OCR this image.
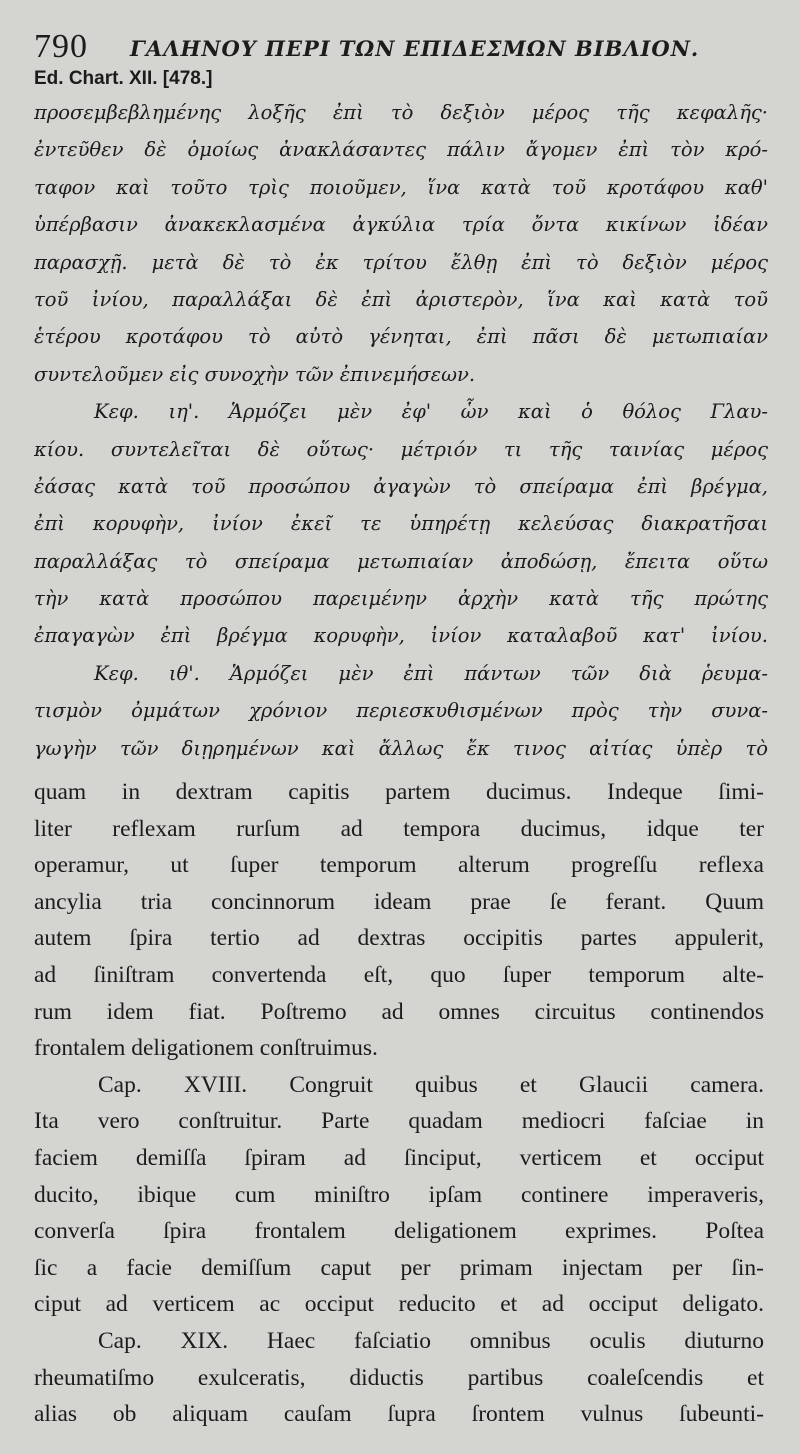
790 ΓΑΛΗΝΟΥ ΠΕΡΙ ΤΩΝ ΕΠΙΔΕΣΜΩΝ ΒΙΒΛΙΟΝ.
Ed. Chart. XII. [478.]
προσεμβεβλημένης λοξῆς ἐπὶ τὸ δεξιὸν μέρος τῆς κεφαλῆς·
ἐντεῦθεν δὲ ὁμοίως ἀνακλάσαντες πάλιν ἄγομεν ἐπὶ τὸν κρό-
ταφον καὶ τοῦτο τρὶς ποιοῦμεν, ἵνα κατὰ τοῦ κροτάφου καθ'
ὑπέρβασιν ἀνακεκλασμένα ἀγκύλια τρία ὄντα κικίνων ἰδέαν
παρασχῇ. μετὰ δὲ τὸ ἐκ τρίτου ἔλθῃ ἐπὶ τὸ δεξιὸν μέρος
τοῦ ἰνίου, παραλλάξαι δὲ ἐπὶ ἀριστερὸν, ἵνα καὶ κατὰ τοῦ
ἑτέρου κροτάφου τὸ αὐτὸ γένηται, ἐπὶ πᾶσι δὲ μετωπιαίαν
συντελοῦμεν εἰς συνοχὴν τῶν ἐπινεμήσεων.
Κεφ. ιη'. Ἁρμόζει μὲν ἐφ' ὧν καὶ ὁ θόλος Γλαυ-
κίου. συντελεῖται δὲ οὕτως· μέτριόν τι τῆς ταινίας μέρος
ἐάσας κατὰ τοῦ προσώπου ἀγαγὼν τὸ σπείραμα ἐπὶ βρέγμα,
ἐπὶ κορυφὴν, ἰνίον ἐκεῖ τε ὑπηρέτῃ κελεύσας διακρατῆσαι
παραλλάξας τὸ σπείραμα μετωπιαίαν ἀποδώσῃ, ἔπειτα οὕτω
τὴν κατὰ προσώπου παρειμένην ἀρχὴν κατὰ τῆς πρώτης
ἐπαγαγὼν ἐπὶ βρέγμα κορυφὴν, ἰνίον καταλαβοῦ κατ' ἰνίου.
Κεφ. ιθ'. Ἁρμόζει μὲν ἐπὶ πάντων τῶν διὰ ῥευμα-
τισμὸν ὀμμάτων χρόνιον περιεσκυθισμένων πρὸς τὴν συνα-
γωγὴν τῶν διῃρημένων καὶ ἄλλως ἔκ τινος αἰτίας ὑπὲρ τὸ
quam in dextram capitis partem ducimus. Indeque ſimi-
liter reflexam rurſum ad tempora ducimus, idque ter
operamur, ut ſuper temporum alterum progreſſu reflexa
ancylia tria concinnorum ideam prae ſe ferant. Quum
autem ſpira tertio ad dextras occipitis partes appulerit,
ad ſiniſtram convertenda eſt, quo ſuper temporum alte-
rum idem fiat. Poſtremo ad omnes circuitus continendos
frontalem deligationem conſtruimus.
Cap. XVIII. Congruit quibus et Glaucii camera.
Ita vero conſtruitur. Parte quadam mediocri faſciae in
faciem demiſſa ſpiram ad ſinciput, verticem et occiput
ducito, ibique cum miniſtro ipſam continere imperaveris,
converſa ſpira frontalem deligationem exprimes. Poſtea
ſic a facie demiſſum caput per primam injectam per ſin-
ciput ad verticem ac occiput reducito et ad occiput deligato.
Cap. XIX. Haec faſciatio omnibus oculis diuturno
rheumatiſmo exulceratis, diductis partibus coaleſcendis et
alias ob aliquam cauſam ſupra ſrontem vulnus ſubeunti-
